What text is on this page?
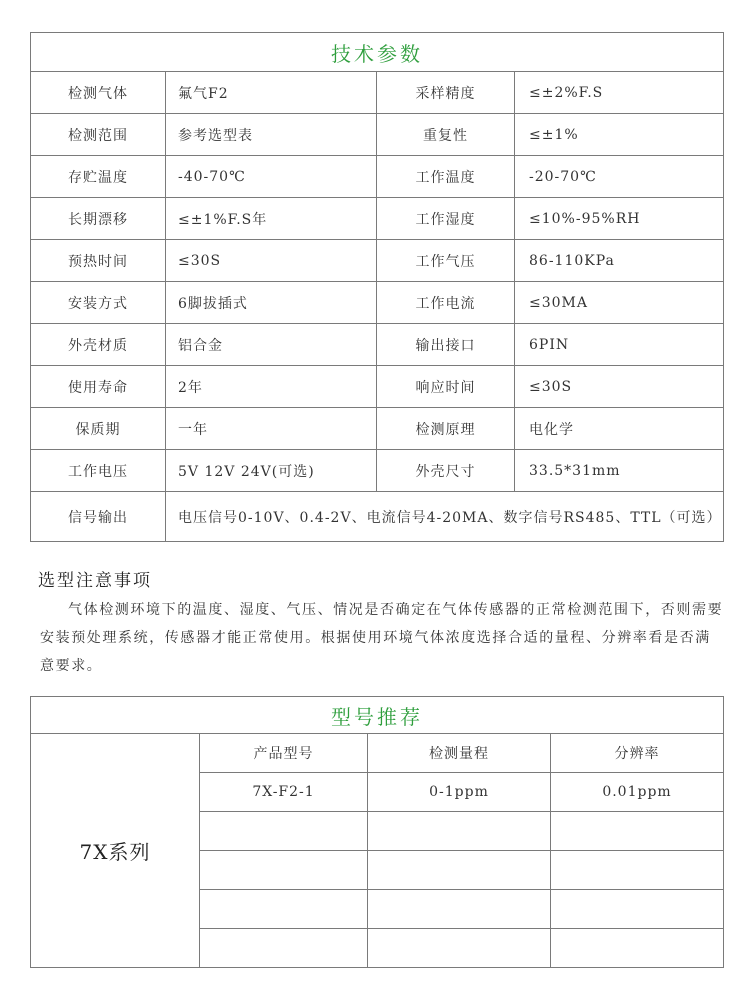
技术参数			
检测气体	氟气F2	采样精度	≤±2%F.S
检测范围	参考选型表	重复性	≤±1%
存贮温度	-40-70℃	工作温度	-20-70℃
长期漂移	≤±1%F.S年	工作湿度	≤10%-95%RH
预热时间	≤30S	工作气压	86-110KPa
安装方式	6脚拔插式	工作电流	≤30MA
外壳材质	铝合金	输出接口	6PIN
使用寿命	2年	响应时间	≤30S
保质期	一年	检测原理	电化学
工作电压	5V 12V 24V(可选)	外壳尺寸	33.5*31mm
信号输出	电压信号0-10V、0.4-2V、电流信号4-20MA、数字信号RS485、TTL（可选）		
选型注意事项

气体检测环境下的温度、湿度、气压、情况是否确定在气体传感器的正常检测范围下，否则需要安装预处理系统，传感器才能正常使用。根据使用环境气体浓度选择合适的量程、分辨率看是否满意要求。

型号推荐			
7X系列	产品型号	检测量程	分辨率
	7X-F2-1	0-1ppm	0.01ppm
